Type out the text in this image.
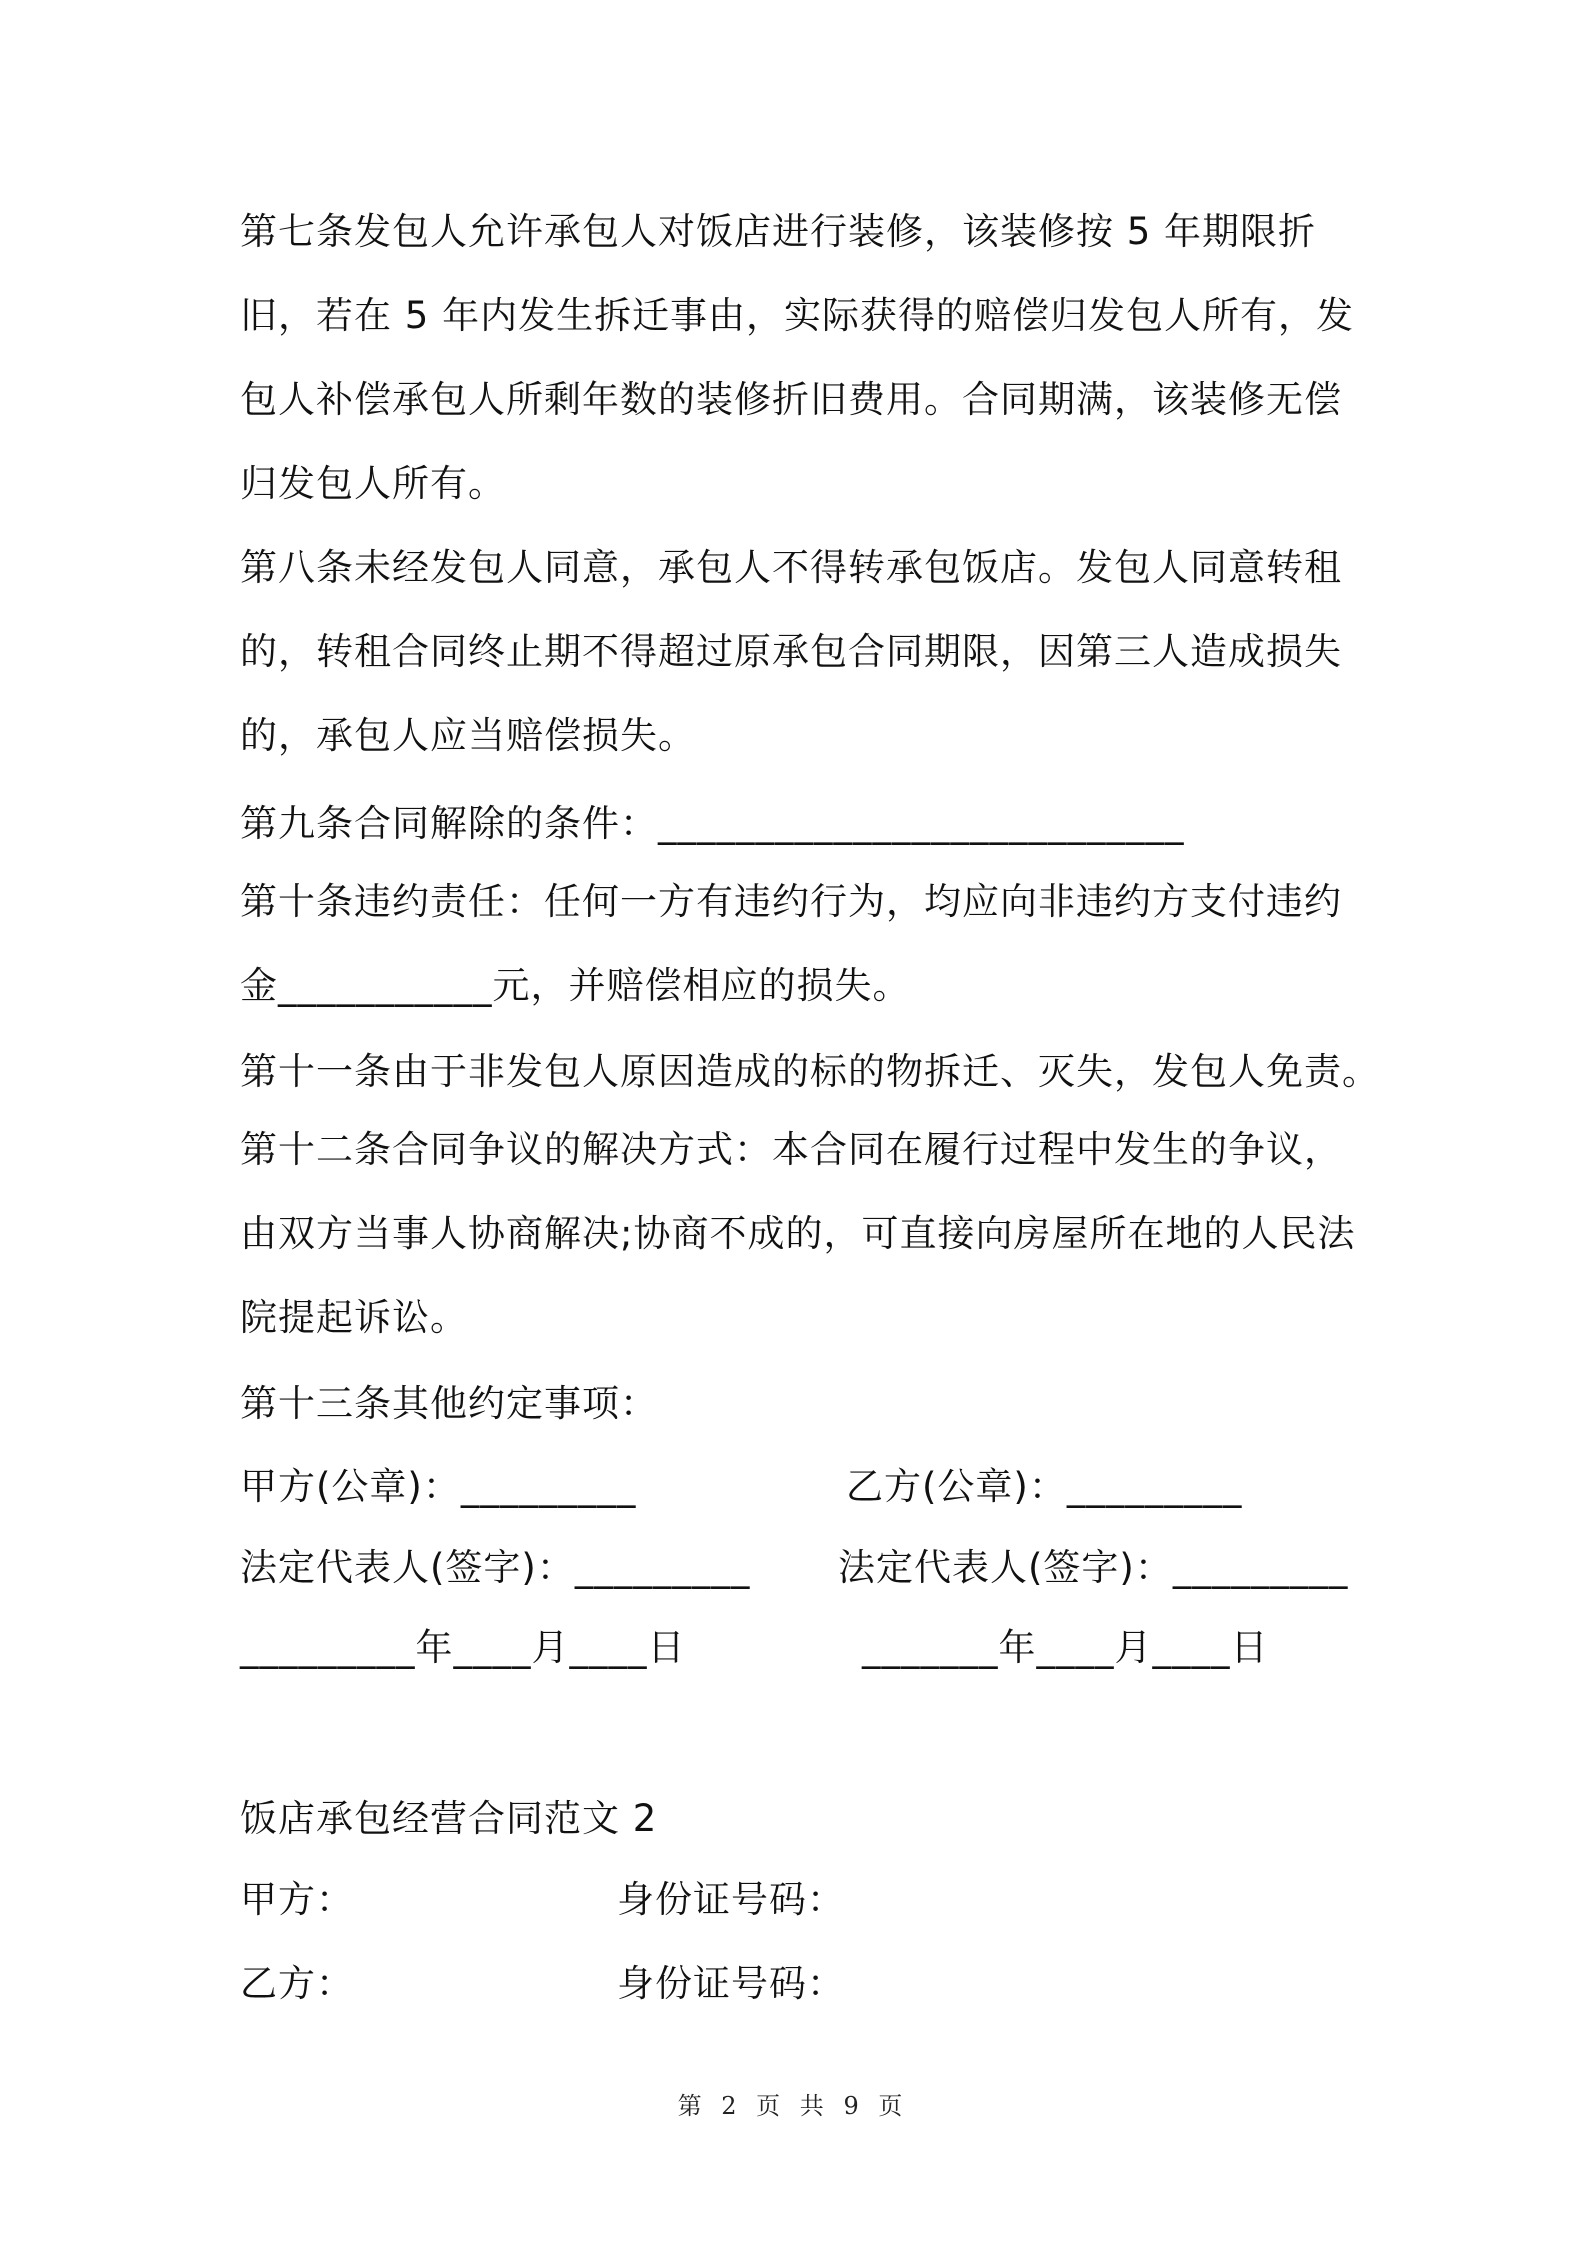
第七条发包人允许承包人对饭店进行装修，该装修按 5 年期限折旧，若在 5 年内发生拆迁事由，实际获得的赔偿归发包人所有，发包人补偿承包人所剩年数的装修折旧费用。合同期满，该装修无偿归发包人所有。
第八条未经发包人同意，承包人不得转承包饭店。发包人同意转租的，转租合同终止期不得超过原承包合同期限，因第三人造成损失的，承包人应当赔偿损失。
第九条合同解除的条件：___________________________
第十条违约责任：任何一方有违约行为，均应向非违约方支付违约金___________元，并赔偿相应的损失。
第十一条由于非发包人原因造成的标的物拆迁、灭失，发包人免责。
第十二条合同争议的解决方式：本合同在履行过程中发生的争议，由双方当事人协商解决;协商不成的，可直接向房屋所在地的人民法院提起诉讼。
第十三条其他约定事项：
甲方(公章)：_________	乙方(公章)：_________
法定代表人(签字)：_________ 法定代表人(签字)：_________
_________年____月____日	_______年____月____日
饭店承包经营合同范文 2
甲方：	身份证号码：
乙方：	身份证号码：
第 2 页 共 9 页
